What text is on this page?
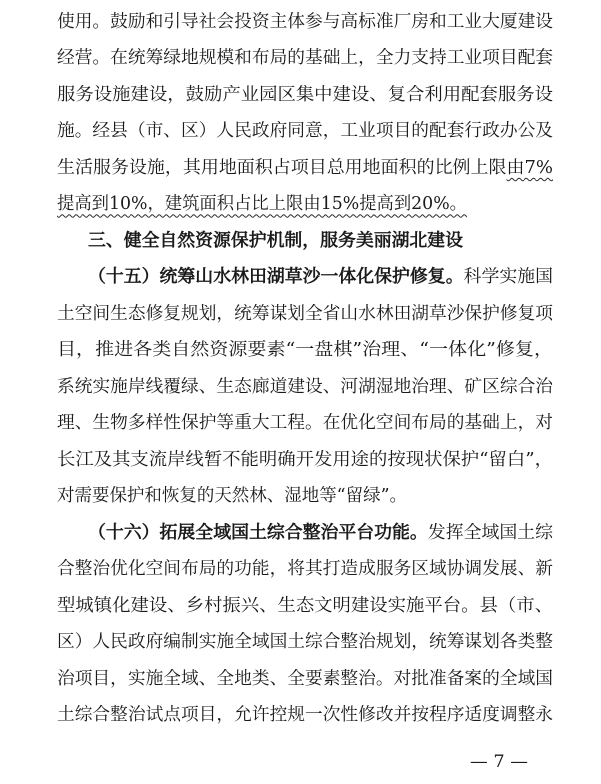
使用。鼓励和引导社会投资主体参与高标准厂房和工业大厦建设
经营。在统筹绿地规模和布局的基础上，全力支持工业项目配套
服务设施建设，鼓励产业园区集中建设、复合利用配套服务设
施。经县（市、区）人民政府同意，工业项目的配套行政办公及
生活服务设施，其用地面积占项目总用地面积的比例上限由7%
提高到10%，建筑面积占比上限由15%提高到20%。
三、健全自然资源保护机制，服务美丽湖北建设
（十五）统筹山水林田湖草沙一体化保护修复。科学实施国
土空间生态修复规划，统筹谋划全省山水林田湖草沙保护修复项
目，推进各类自然资源要素“一盘棋”治理、“一体化”修复，
系统实施岸线覆绿、生态廊道建设、河湖湿地治理、矿区综合治
理、生物多样性保护等重大工程。在优化空间布局的基础上，对
长江及其支流岸线暂不能明确开发用途的按现状保护“留白”，
对需要保护和恢复的天然林、湿地等“留绿”。
（十六）拓展全域国土综合整治平台功能。发挥全域国土综
合整治优化空间布局的功能，将其打造成服务区域协调发展、新
型城镇化建设、乡村振兴、生态文明建设实施平台。县（市、
区）人民政府编制实施全域国土综合整治规划，统筹谋划各类整
治项目，实施全域、全地类、全要素整治。对批准备案的全域国
土综合整治试点项目，允许控规一次性修改并按程序适度调整永
— 7 —
